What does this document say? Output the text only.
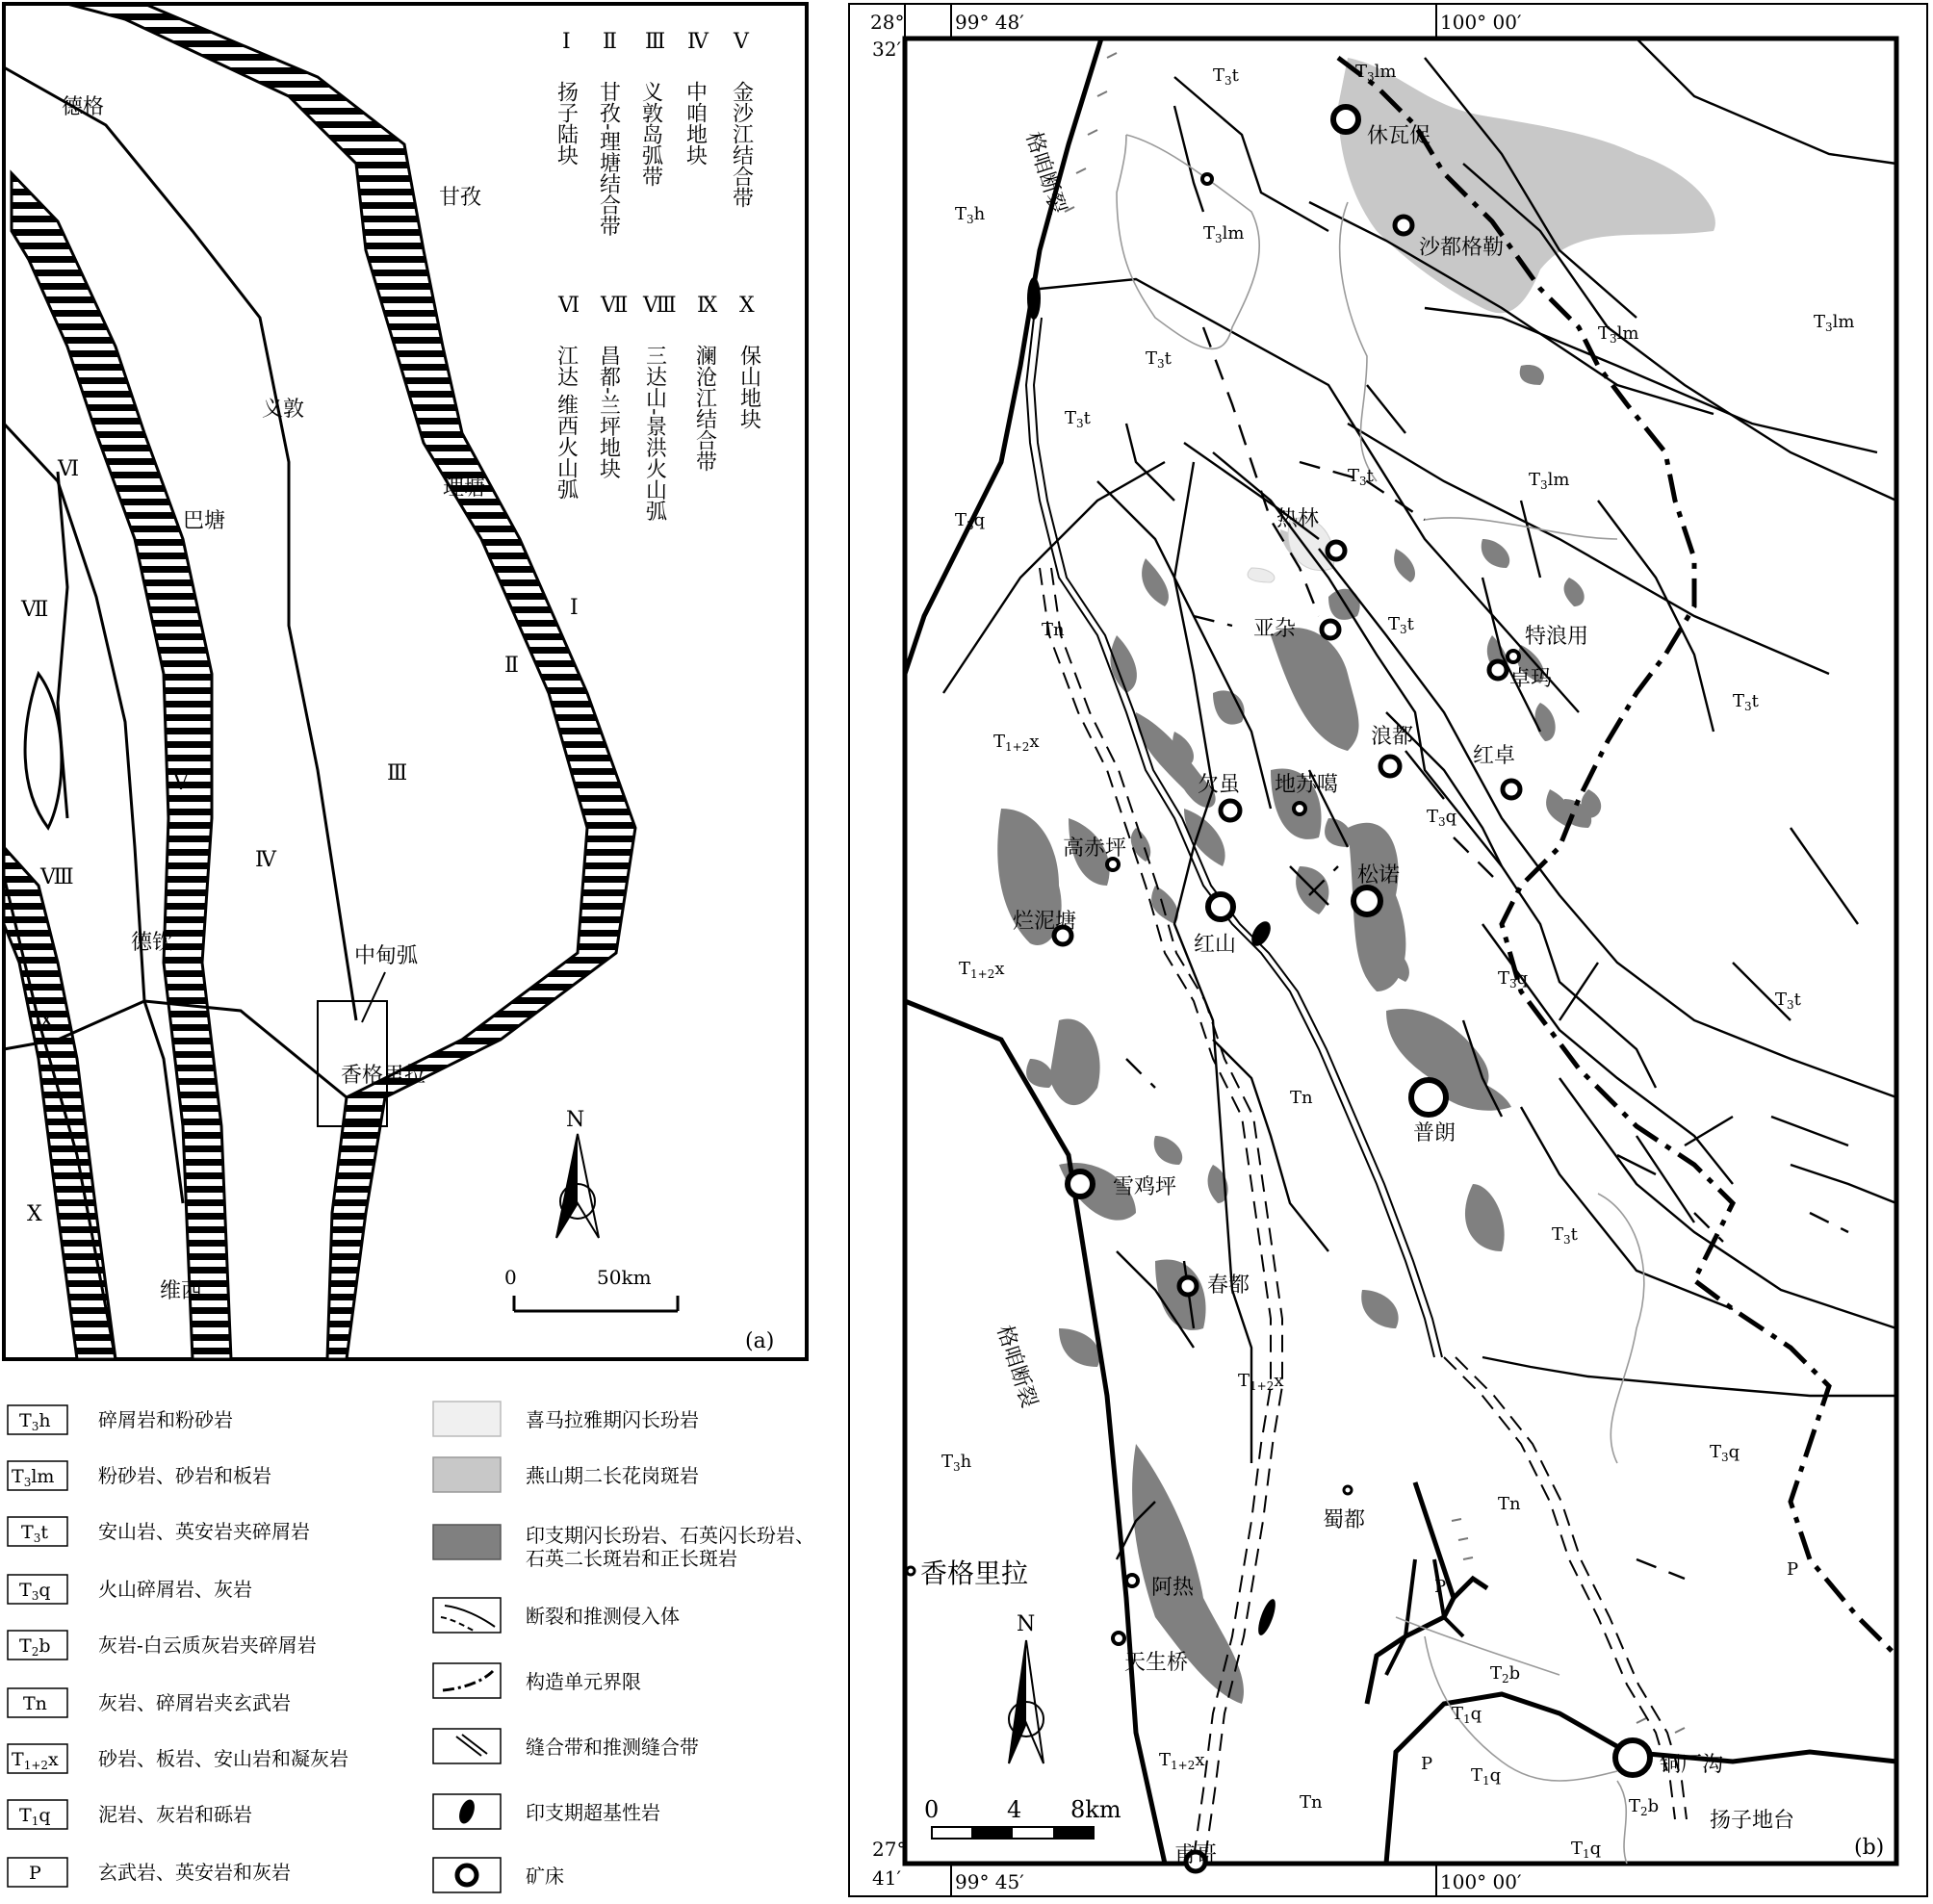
Ⅰ
Ⅱ
Ⅲ
Ⅳ
Ⅴ
Ⅵ
Ⅶ
Ⅷ
Ⅸ
Ⅹ
德格
甘孜
义敦
理塘
巴塘
德钦
维西
中甸弧
香格里拉
Ⅰ Ⅱ Ⅲ Ⅳ Ⅴ
扬子陆块 甘孜-理塘结合带 义敦岛弧带 中咱地块 金沙江结合带
Ⅵ Ⅶ Ⅷ Ⅸ Ⅹ
江达 维西火山弧 昌都-兰坪地块 三达山-景洪火山弧 澜沧江结合带 保山地块
N
0	50km
(a)
28°
32′
99° 48′	100° 00′
27°
41′	99° 45′	100° 00′
$T_3t$	$T_3lm$
$T_3h$
$T_3lm$
$T_3lm$
$T_3lm$
$T_3t$
$T_3t$
$T_3t$	$T_3lm$
$T_3q$
$T_3t$
Tn
$T_3t$
$T_{1+2}x$
$T_3q$
$T_{1+2}x$	$T_3q$
$T_3t$
Tn
$T_3t$
$T_{1+2}x$
$T_3q$
$T_3h$
Tn
P
P
$T_2b$
$T_1q$
P
$T_1q$
$T_{1+2}x$
Tn	$T_2b$
$T_1q$
休瓦促
沙都格勒
热林
亚杂	特浪用
卓玛
浪都
红卓
地苏噶
欠虽
高赤坪
松诺
红山
烂泥塘
普朗
雪鸡坪
春都
蜀都
香格里拉	阿热
天生桥
铜厂沟
甫哥
扬子地台
格咱断裂
格咱断裂
N
0	4 8km
(b)
$T_3h$ 碎屑岩和粉砂岩
$T_3lm$ 粉砂岩、砂岩和板岩
$T_3t$	安山岩、英安岩夹碎屑岩
$T_3q$ 火山碎屑岩、灰岩
$T_2b$ 灰岩-白云质灰岩夹碎屑岩
Tn	灰岩、碎屑岩夹玄武岩
$T_{1+2}x$ 砂岩、板岩、安山岩和凝灰岩
$T_1q$ 泥岩、灰岩和砾岩
P	玄武岩、英安岩和灰岩
喜马拉雅期闪长玢岩
燕山期二长花岗斑岩
印支期闪长玢岩、石英闪长玢岩、
石英二长斑岩和正长斑岩
断裂和推测侵入体
构造单元界限
缝合带和推测缝合带
印支期超基性岩
矿床
